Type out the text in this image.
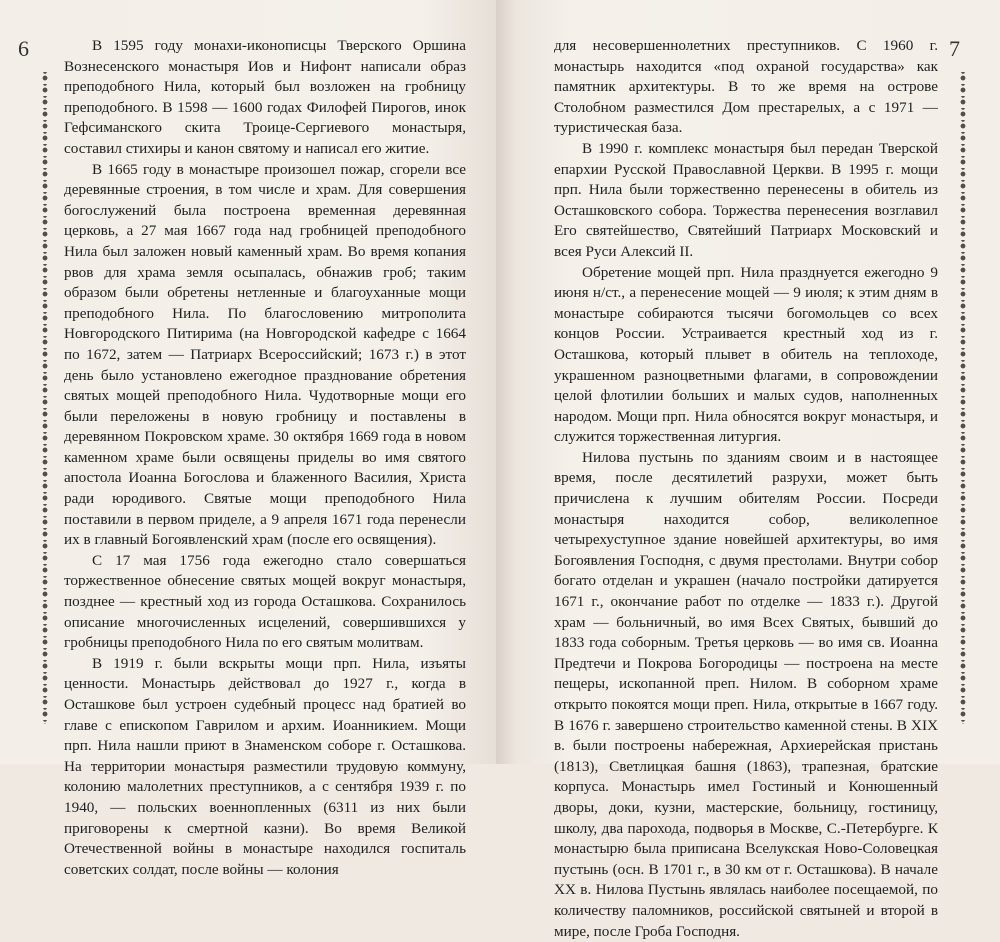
6	В 1595 году монахи-иконописцы Тверского Оршина Вознесенского монастыря Иов и Нифонт написали образ преподобного Нила, который был возложен на гробницу преподобного. В 1598 — 1600 годах Филофей Пирогов, инок Гефсиманского скита Троице-Сергиевого монастыря, составил стихиры и канон святому и написал его житие.

В 1665 году в монастыре произошел пожар, сгорели все деревянные строения, в том числе и храм. Для совершения богослужений была построена временная деревянная церковь, а 27 мая 1667 года над гробницей преподобного Нила был заложен новый каменный храм. Во время копания рвов для храма земля осыпалась, обнажив гроб; таким образом были обретены нетленные и благоуханные мощи преподобного Нила. По благословению митрополита Новгородского Питирима (на Новгородской кафедре с 1664 по 1672, затем — Патриарх Всероссийский; 1673 г.) в этот день было установлено ежегодное празднование обретения святых мощей преподобного Нила. Чудотворные мощи его были переложены в новую гробницу и поставлены в деревянном Покровском храме. 30 октября 1669 года в новом каменном храме были освящены приделы во имя святого апостола Иоанна Богослова и блаженного Василия, Христа ради юродивого. Святые мощи преподобного Нила поставили в первом приделе, а 9 апреля 1671 года перенесли их в главный Богоявленский храм (после его освящения).

С 17 мая 1756 года ежегодно стало совершаться торжественное обнесение святых мощей вокруг монастыря, позднее — крестный ход из города Осташкова. Сохранилось описание многочисленных исцелений, совершившихся у гробницы преподобного Нила по его святым молитвам.

В 1919 г. были вскрыты мощи прп. Нила, изъяты ценности. Монастырь действовал до 1927 г., когда в Осташкове был устроен судебный процесс над братией во главе с епископом Гаврилом и архим. Иоанникием. Мощи прп. Нила нашли приют в Знаменском соборе г. Осташкова. На территории монастыря разместили трудовую коммуну, колонию малолетних преступников, а с сентября 1939 г. по 1940, — польских военнопленных (6311 из них были приговорены к смертной казни). Во время Великой Отечественной войны в монастыре находился госпиталь советских солдат, после войны — колония

7

для несовершеннолетних преступников. С 1960 г. монастырь находится «под охраной государства» как памятник архитектуры. В то же время на острове Столобном разместился Дом престарелых, а с 1971 — туристическая база.

В 1990 г. комплекс монастыря был передан Тверской епархии Русской Православной Церкви. В 1995 г. мощи прп. Нила были торжественно перенесены в обитель из Осташковского собора. Торжества перенесения возглавил Его святейшество, Святейший Патриарх Московский и всея Руси Алексий II.

Обретение мощей прп. Нила празднуется ежегодно 9 июня н/ст., а перенесение мощей — 9 июля; к этим дням в монастыре собираются тысячи богомольцев со всех концов России. Устраивается крестный ход из г. Осташкова, который плывет в обитель на теплоходе, украшенном разноцветными флагами, в сопровождении целой флотилии больших и малых судов, наполненных народом. Мощи прп. Нила обносятся вокруг монастыря, и служится торжественная литургия.

Нилова пустынь по зданиям своим и в настоящее время, после десятилетий разрухи, может быть причислена к лучшим обителям России. Посреди монастыря находится собор, великолепное четырехуступное здание новейшей архитектуры, во имя Богоявления Господня, с двумя престолами. Внутри собор богато отделан и украшен (начало постройки датируется 1671 г., окончание работ по отделке — 1833 г.). Другой храм — больничный, во имя Всех Святых, бывший до 1833 года соборным. Третья церковь — во имя св. Иоанна Предтечи и Покрова Богородицы — построена на месте пещеры, ископанной преп. Нилом. В соборном храме открыто покоятся мощи преп. Нила, открытые в 1667 году. В 1676 г. завершено строительство каменной стены. В XIX в. были построены набережная, Архиерейская пристань (1813), Светлицкая башня (1863), трапезная, братские корпуса. Монастырь имел Гостиный и Конюшенный дворы, доки, кузни, мастерские, больницу, гостиницу, школу, два парохода, подворья в Москве, С.-Петербурге. К монастырю была приписана Вселукская Ново-Соловецкая пустынь (осн. В 1701 г., в 30 км от г. Осташкова). В начале XX в. Нилова Пустынь являлась наиболее посещаемой, по количеству паломников, российской святыней и второй в мире, после Гроба Господня.
